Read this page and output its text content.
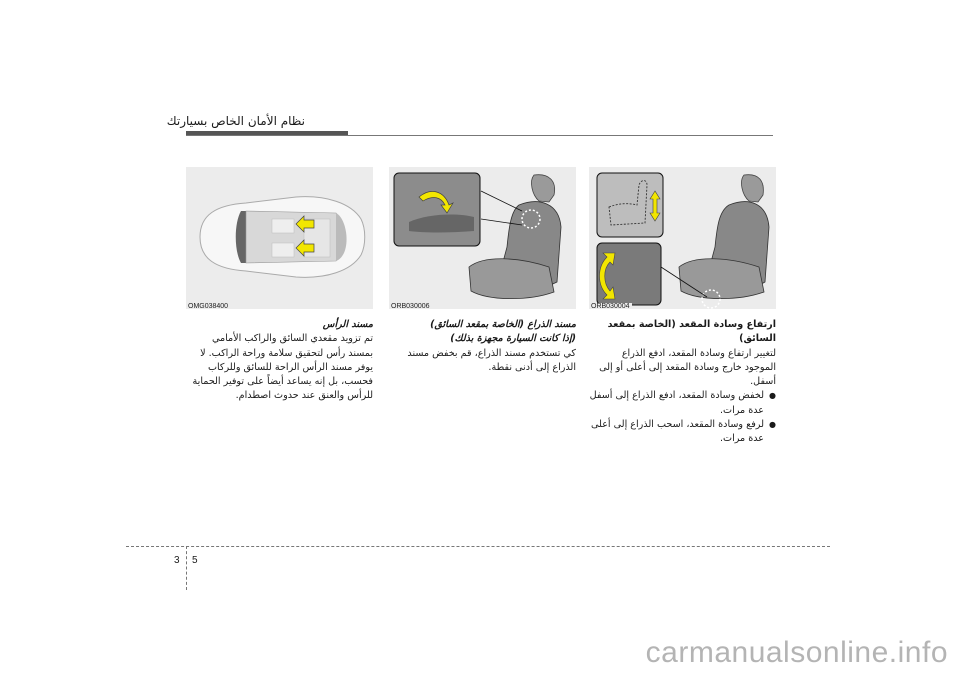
نظام الأمان الخاص بسيارتك
OMG038400	ORB030006	ORB030004

مسند الرأس

تم تزويد مقعدي السائق والراكب الأمامي بمسند رأس لتحقيق سلامة وراحة الراكب. لا يوفر مسند الرأس الراحة للسائق وللركاب فحسب، بل إنه يساعد أيضاً على توفير الحماية للرأس والعنق عند حدوث اصطدام.

مسند الذراع (الخاصة بمقعد السائق)

(إذا كانت السيارة مجهزة بذلك)

كي تستخدم مسند الذراع، قم بخفض مسند الذراع إلى أدنى نقطة.

ارتفاع وسادة المقعد (الخاصة بمقعد السائق)

لتغيير ارتفاع وسادة المقعد، ادفع الذراع الموجود خارج وسادة المقعد إلى أعلى أو إلى أسفل.

● لخفض وسادة المقعد، ادفع الذراع إلى أسفل عدة مرات.
● لرفع وسادة المقعد، اسحب الذراع إلى أعلى عدة مرات.
3 5
carmanualsonline.info
